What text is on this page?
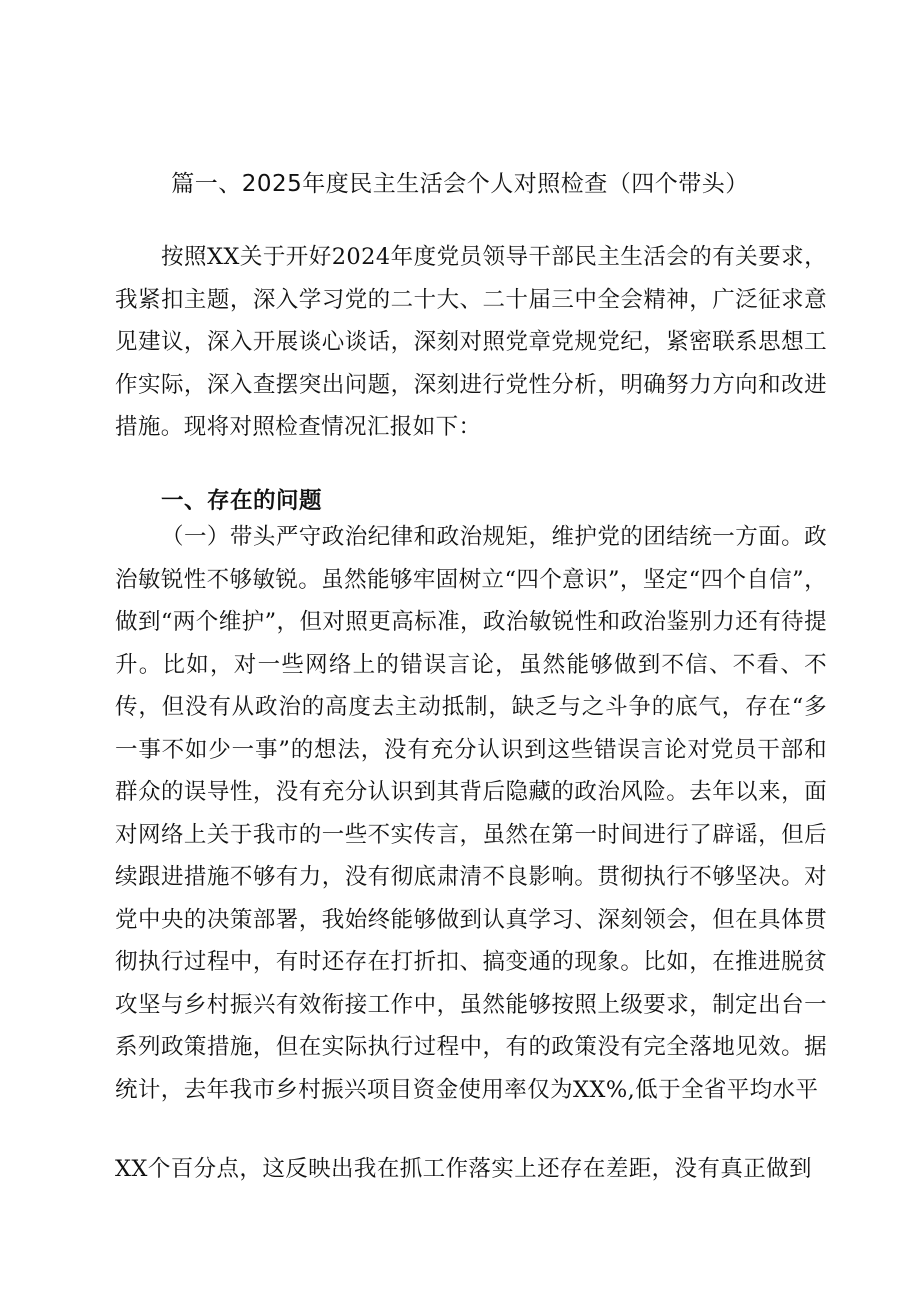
篇一、2025年度民主生活会个人对照检查（四个带头）

按照XX关于开好2024年度党员领导干部民主生活会的有关要求，我紧扣主题，深入学习党的二十大、二十届三中全会精神，广泛征求意见建议，深入开展谈心谈话，深刻对照党章党规党纪，紧密联系思想工作实际，深入查摆突出问题，深刻进行党性分析，明确努力方向和改进措施。现将对照检查情况汇报如下：

一、存在的问题

（一）带头严守政治纪律和政治规矩，维护党的团结统一方面。政治敏锐性不够敏锐。虽然能够牢固树立“四个意识”，坚定“四个自信”，做到“两个维护”，但对照更高标准，政治敏锐性和政治鉴别力还有待提升。比如，对一些网络上的错误言论，虽然能够做到不信、不看、不传，但没有从政治的高度去主动抵制，缺乏与之斗争的底气，存在“多一事不如少一事”的想法，没有充分认识到这些错误言论对党员干部和群众的误导性，没有充分认识到其背后隐藏的政治风险。去年以来，面对网络上关于我市的一些不实传言，虽然在第一时间进行了辟谣，但后续跟进措施不够有力，没有彻底肃清不良影响。贯彻执行不够坚决。对党中央的决策部署，我始终能够做到认真学习、深刻领会，但在具体贯彻执行过程中，有时还存在打折扣、搞变通的现象。比如，在推进脱贫攻坚与乡村振兴有效衔接工作中，虽然能够按照上级要求，制定出台一系列政策措施，但在实际执行过程中，有的政策没有完全落地见效。据统计，去年我市乡村振兴项目资金使用率仅为XX%,低于全省平均水平

XX个百分点，这反映出我在抓工作落实上还存在差距，没有真正做到
